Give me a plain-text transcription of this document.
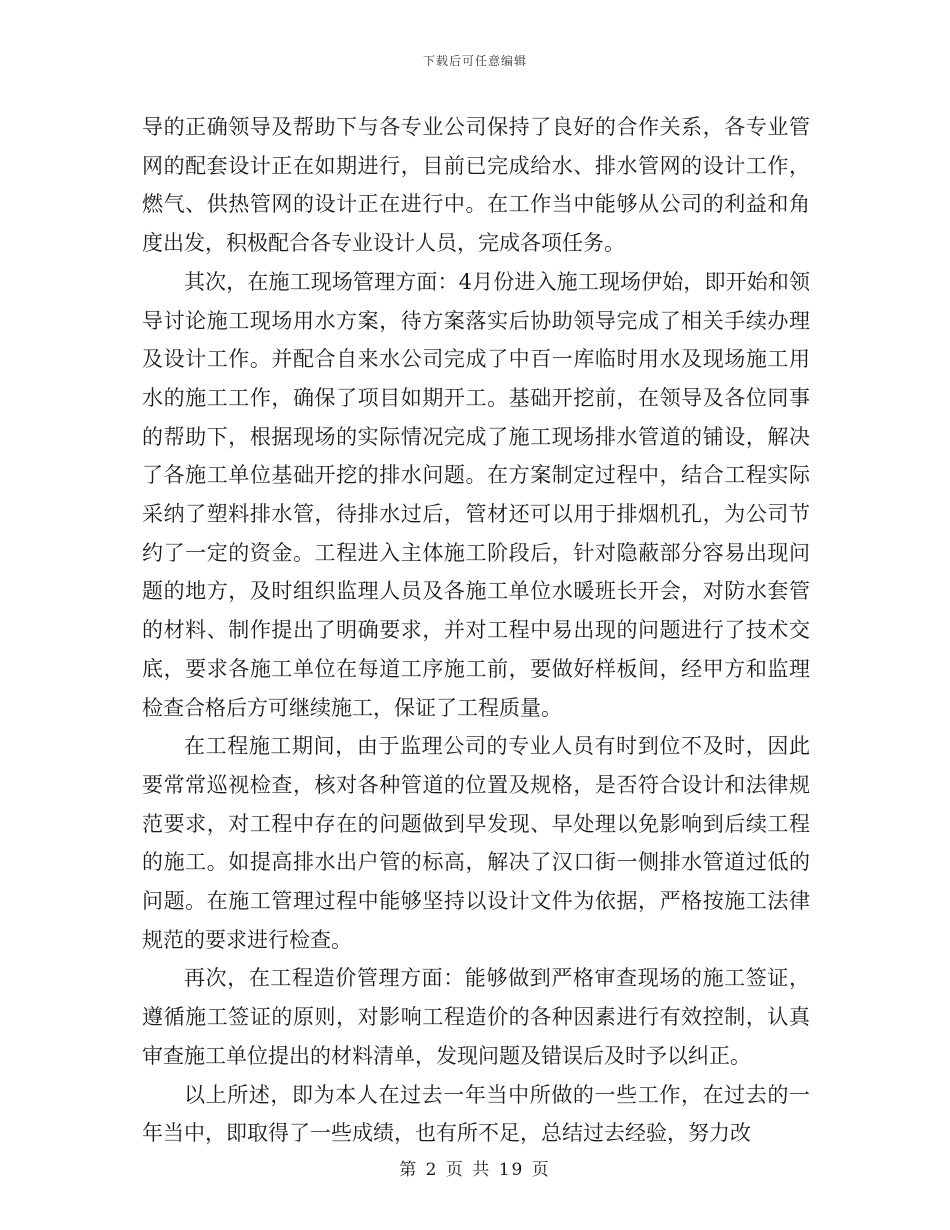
下载后可任意编辑

导的正确领导及帮助下与各专业公司保持了良好的合作关系，各专业管网的配套设计正在如期进行，目前已完成给水、排水管网的设计工作，燃气、供热管网的设计正在进行中。在工作当中能够从公司的利益和角度出发，积极配合各专业设计人员，完成各项任务。

其次，在施工现场管理方面：4月份进入施工现场伊始，即开始和领导讨论施工现场用水方案，待方案落实后协助领导完成了相关手续办理及设计工作。并配合自来水公司完成了中百一库临时用水及现场施工用水的施工工作，确保了项目如期开工。基础开挖前，在领导及各位同事的帮助下，根据现场的实际情况完成了施工现场排水管道的铺设，解决了各施工单位基础开挖的排水问题。在方案制定过程中，结合工程实际采纳了塑料排水管，待排水过后，管材还可以用于排烟机孔，为公司节约了一定的资金。工程进入主体施工阶段后，针对隐蔽部分容易出现问题的地方，及时组织监理人员及各施工单位水暖班长开会，对防水套管的材料、制作提出了明确要求，并对工程中易出现的问题进行了技术交底，要求各施工单位在每道工序施工前，要做好样板间，经甲方和监理检查合格后方可继续施工，保证了工程质量。

在工程施工期间，由于监理公司的专业人员有时到位不及时，因此要常常巡视检查，核对各种管道的位置及规格，是否符合设计和法律规范要求，对工程中存在的问题做到早发现、早处理以免影响到后续工程的施工。如提高排水出户管的标高，解决了汉口街一侧排水管道过低的问题。在施工管理过程中能够坚持以设计文件为依据，严格按施工法律规范的要求进行检查。

再次，在工程造价管理方面：能够做到严格审查现场的施工签证，遵循施工签证的原则，对影响工程造价的各种因素进行有效控制，认真审查施工单位提出的材料清单，发现问题及错误后及时予以纠正。

以上所述，即为本人在过去一年当中所做的一些工作，在过去的一年当中，即取得了一些成绩，也有所不足，总结过去经验，努力改

第 2 页 共 19 页
